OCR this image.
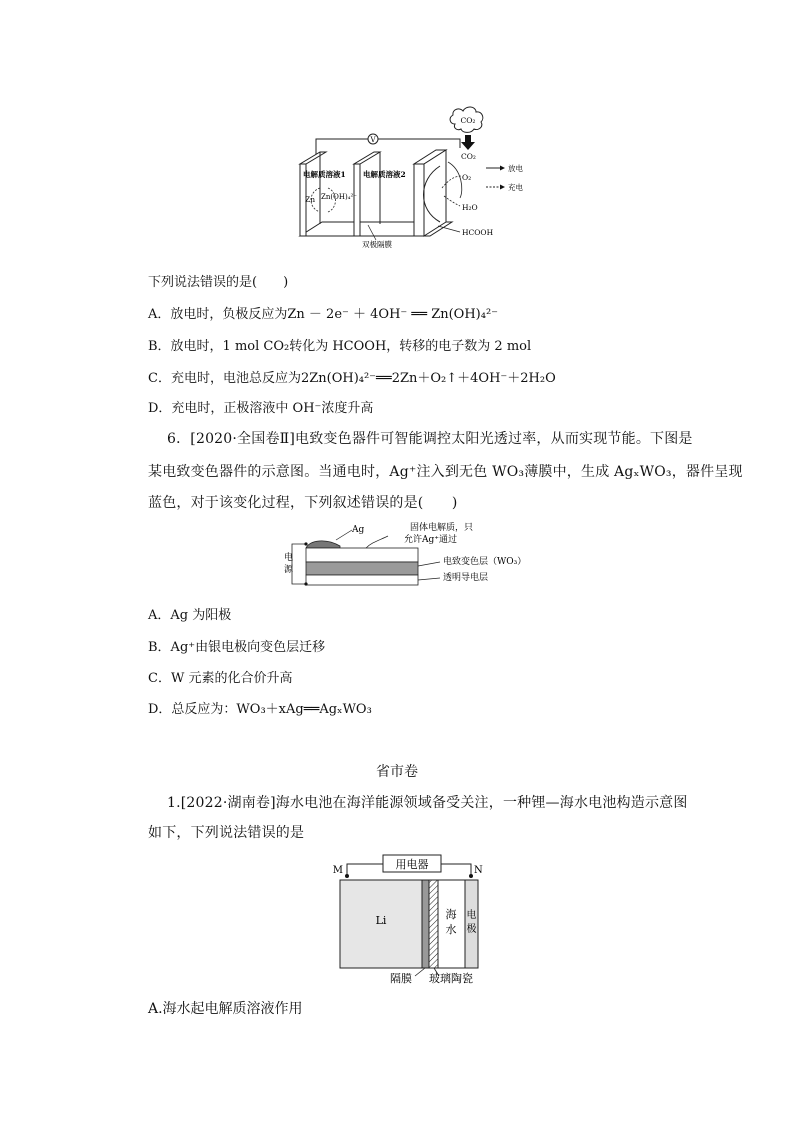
CO₂
CO₂
V
电解质溶液1 电解质溶液2
Zn Zn(OH)₄²⁻
O₂
H₂O
HCOOH
双极隔膜
放电
充电
下列说法错误的是(　　)
A．放电时，负极反应为Zn － 2e⁻ ＋ 4OH⁻ ══ Zn(OH)₄²⁻
B．放电时，1 mol CO₂转化为 HCOOH，转移的电子数为 2 mol
C．充电时，电池总反应为2Zn(OH)₄²⁻══2Zn＋O₂↑＋4OH⁻＋2H₂O
D．充电时，正极溶液中 OH⁻浓度升高
6．[2020·全国卷Ⅱ]电致变色器件可智能调控太阳光透过率，从而实现节能。下图是
某电致变色器件的示意图。当通电时，Ag⁺注入到无色 WO₃薄膜中，生成 AgₓWO₃，器件呈现
蓝色，对于该变化过程，下列叙述错误的是(　　)
Ag
电
源
固体电解质，只
允许Ag⁺通过
电致变色层（WO₃）
透明导电层
A．Ag 为阳极
B．Ag⁺由银电极向变色层迁移
C．W 元素的化合价升高
D．总反应为：WO₃＋xAg══AgₓWO₃
省市卷
1.[2022·湖南卷]海水电池在海洋能源领域备受关注，一种锂—海水电池构造示意图
如下，下列说法错误的是
M	N
用电器
Li	海
水
电
极
隔膜 玻璃陶瓷
A.海水起电解质溶液作用
